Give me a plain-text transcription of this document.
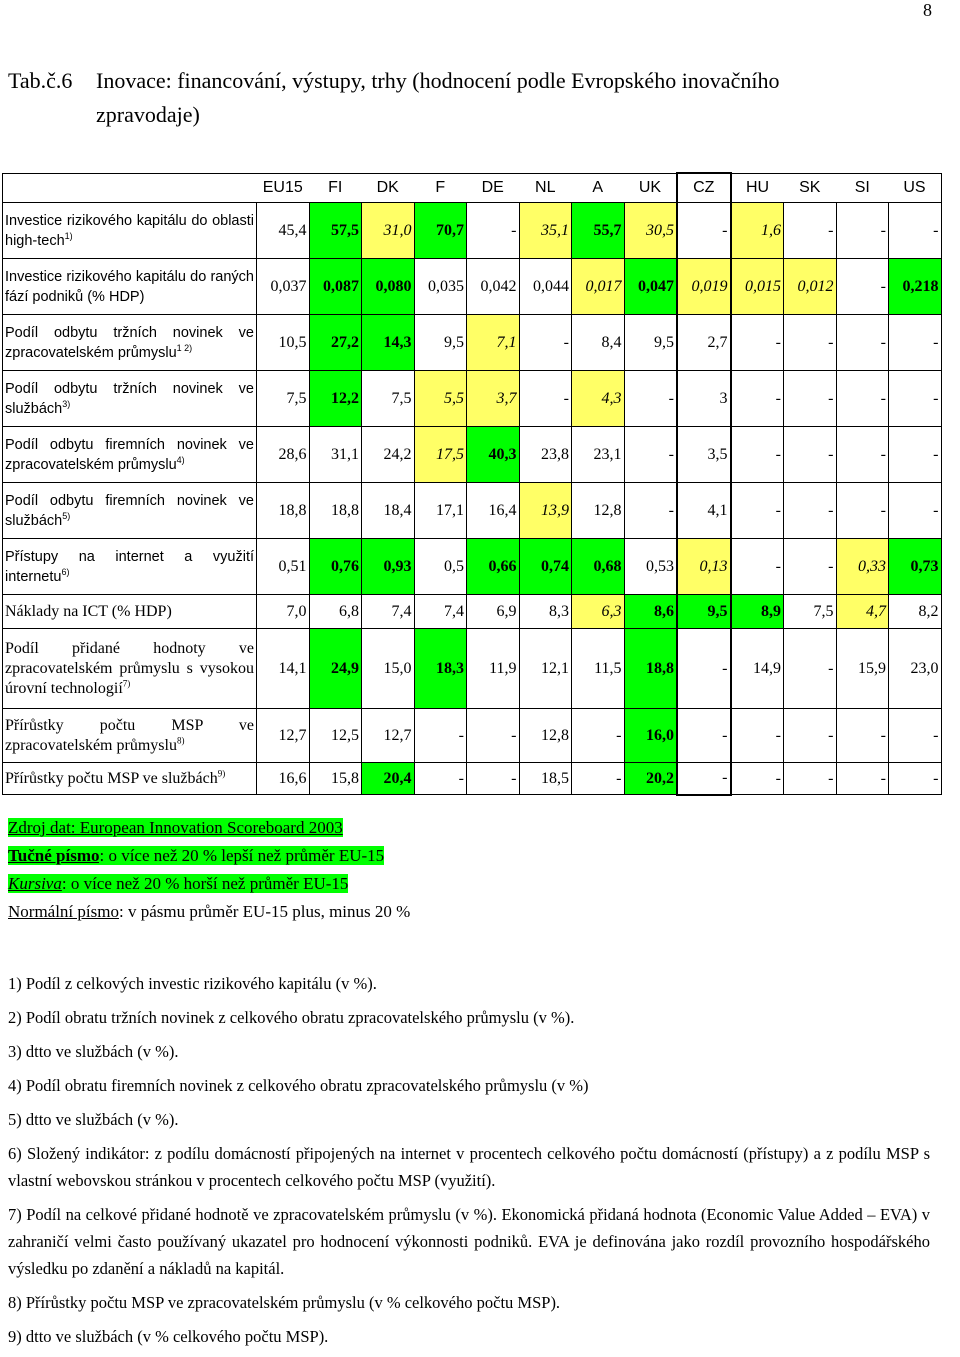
8
Tab.č.6 Inovace: financování, výstupy, trhy (hodnocení podle Evropského inovačního
zpravodaje)
	EU15	FI	DK	F	DE	NL	A	UK	CZ	HU	SK	SI	US
Investice rizikového kapitálu do oblasti high-tech$^{1)}$	45,4	57,5	31,0	70,7	-	35,1	55,7	30,5	-	1,6	-	-	-
Investice rizikového kapitálu do raných fází podniků (% HDP)	0,037	0,087	0,080	0,035	0,042	0,044	0,017	0,047	0,019	0,015	0,012	-	0,218
Podíl odbytu tržních novinek ve zpracovatelském průmyslu$^{1 2)}$	10,5	27,2	14,3	9,5	7,1	-	8,4	9,5	2,7	-	-	-	-
Podíl odbytu tržních novinek ve službách$^{3)}$	7,5	12,2	7,5	5,5	3,7	-	4,3	-	3	-	-	-	-
Podíl odbytu firemních novinek ve zpracovatelském průmyslu$^{4)}$	28,6	31,1	24,2	17,5	40,3	23,8	23,1	-	3,5	-	-	-	-
Podíl odbytu firemních novinek ve službách$^{5)}$	18,8	18,8	18,4	17,1	16,4	13,9	12,8	-	4,1	-	-	-	-
Přístupy na internet a využití internetu$^{6)}$	0,51	0,76	0,93	0,5	0,66	0,74	0,68	0,53	0,13	-	-	0,33	0,73
Náklady na ICT (% HDP)	7,0	6,8	7,4	7,4	6,9	8,3	6,3	8,6	9,5	8,9	7,5	4,7	8,2
Podíl přidané hodnoty ve zpracovatelském průmyslu s vysokou úrovní technologií$^{7)}$	14,1	24,9	15,0	18,3	11,9	12,1	11,5	18,8	-	14,9	-	15,9	23,0
Přírůstky počtu MSP ve zpracovatelském průmyslu$^{8)}$	12,7	12,5	12,7	-	-	12,8	-	16,0	-	-	-	-	-
Přírůstky počtu MSP ve službách$^{9)}$	16,6	15,8	20,4	-	-	18,5	-	20,2	-	-	-	-	-
Zdroj dat: European Innovation Scoreboard 2003
Tučné písmo: o více než 20 % lepší než průměr EU-15
Kursiva: o více než 20 % horší než průměr EU-15
Normální písmo: v pásmu průměr EU-15 plus, minus 20 %

1) Podíl z celkových investic rizikového kapitálu (v %).

2) Podíl obratu tržních novinek z celkového obratu zpracovatelského průmyslu (v %).

3) dtto ve službách (v %).

4) Podíl obratu firemních novinek z celkového obratu zpracovatelského průmyslu (v %)

5) dtto ve službách (v %).

6) Složený indikátor: z podílu domácností připojených na internet v procentech celkového počtu domácností (přístupy) a z podílu MSP s vlastní webovskou stránkou v procentech celkového počtu MSP (využití).

7) Podíl na celkové přidané hodnotě ve zpracovatelském průmyslu (v %). Ekonomická přidaná hodnota (Economic Value Added – EVA) v zahraničí velmi často používaný ukazatel pro hodnocení výkonnosti podniků. EVA je definována jako rozdíl provozního hospodářského výsledku po zdanění a nákladů na kapitál.

8) Přírůstky počtu MSP ve zpracovatelském průmyslu (v % celkového počtu MSP).

9) dtto ve službách (v % celkového počtu MSP).
